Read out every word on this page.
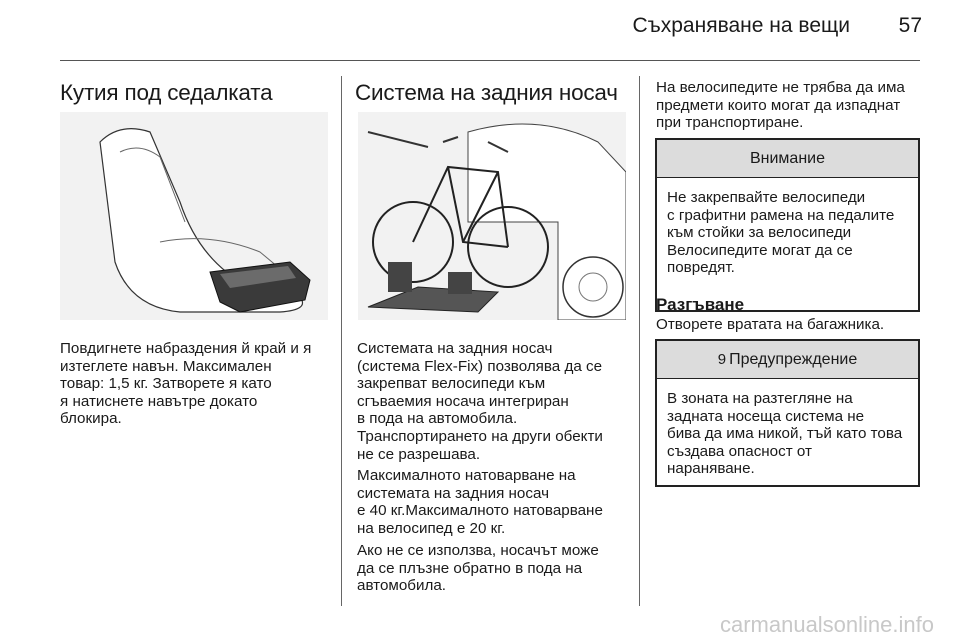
Съхраняване на вещи	57
Кутия под седалката
Повдигнете набраздения й край и я
изтеглете навън. Максимален
товар: 1,5 кг. Затворете я като
я натиснете навътре докато
блокира.
Система на задния носач
Системата на задния носач
(система Flex-Fix) позволява да се
закрепват велосипеди към
сгъваемия носача интегриран
в пода на автомобила.
Транспортирането на други обекти
не се разрешава.
Максималното натоварване на
системата на задния носач
е 40 кг.Максималното натоварване
на велосипед е 20 кг.
Ако не се използва, носачът може
да се плъзне обратно в пода на
автомобила.
На велосипедите не трябва да има
предмети които могат да изпаднат
при транспортиране.
Внимание
Не закрепвайте велосипеди
с графитни рамена на педалите
към стойки за велосипеди
Велосипедите могат да се
повредят.
Разгъване
Отворете вратата на багажника.
9 Предупреждение
В зоната на разтегляне на
задната носеща система не
бива да има никой, тъй като това
създава опасност от
нараняване.
carmanualsonline.info
